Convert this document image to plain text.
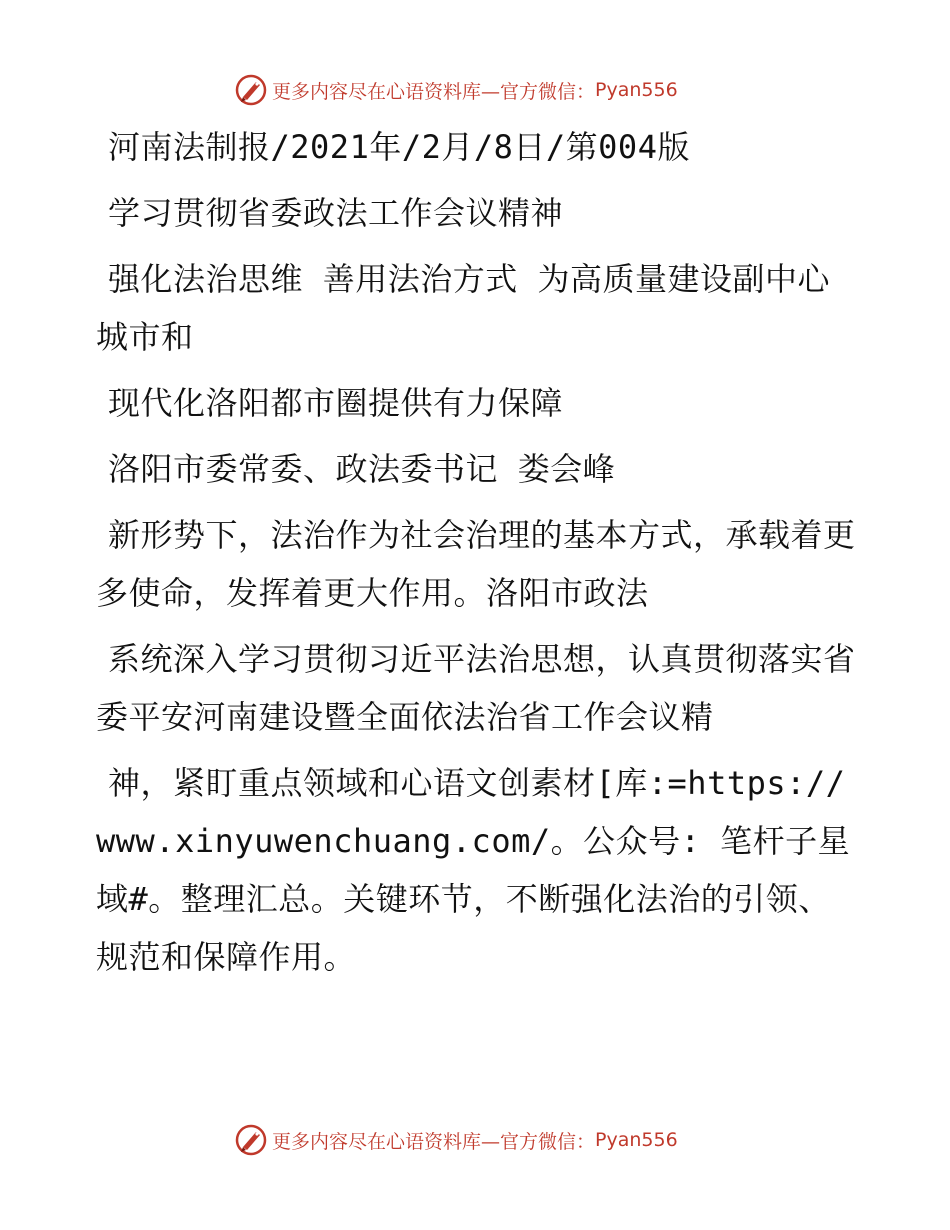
更多内容尽在心语资料库—官方微信： Pyan556
河南法制报/2021年/2月/8日/第004版
学习贯彻省委政法工作会议精神
强化法治思维 善用法治方式 为高质量建设副中心城市和
现代化洛阳都市圈提供有力保障
洛阳市委常委、政法委书记 娄会峰
新形势下，法治作为社会治理的基本方式，承载着更多使命，发挥着更大作用。洛阳市政法
系统深入学习贯彻习近平法治思想，认真贯彻落实省委平安河南建设暨全面依法治省工作会议精
神，紧盯重点领域和心语文创素材[库:=https://www.xinyuwenchuang.com/。公众号: 笔杆子星域#。整理汇总。关键环节，不断强化法治的引领、规范和保障作用。
更多内容尽在心语资料库—官方微信： Pyan556
